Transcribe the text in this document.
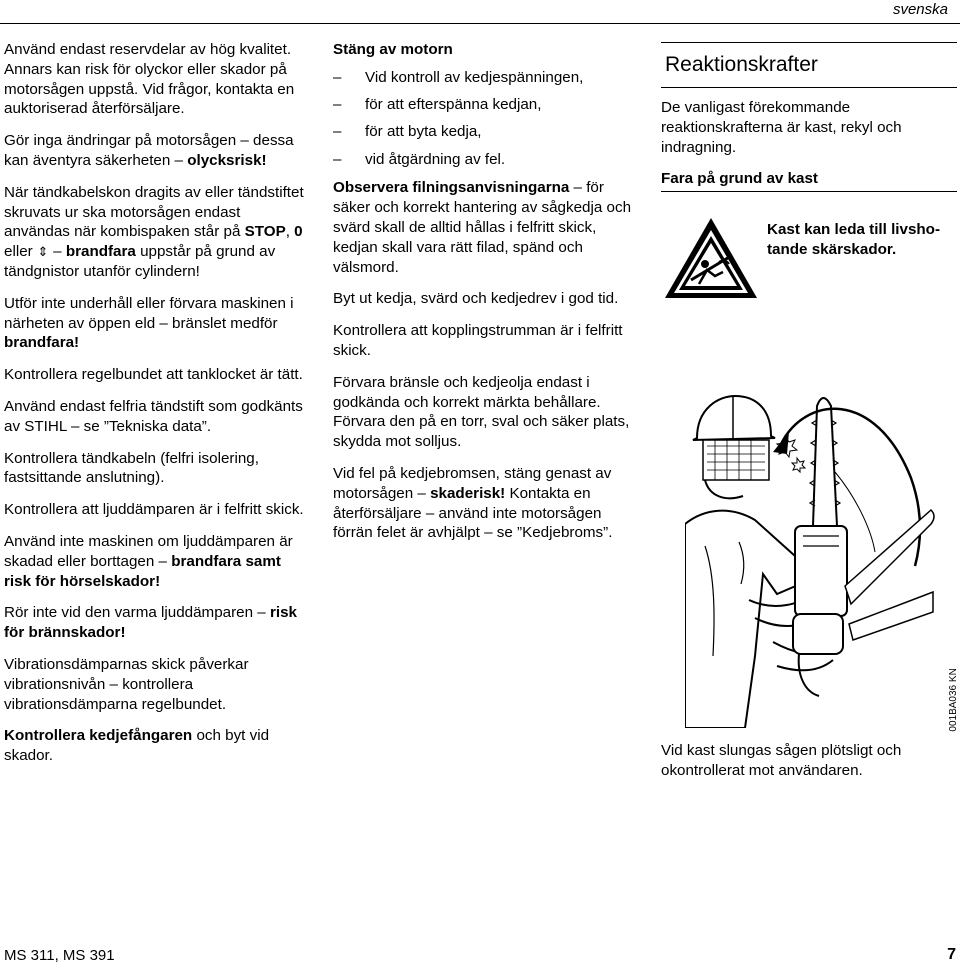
svenska

Använd endast reservdelar av hög kvalitet. Annars kan risk för olyckor eller skador på motorsågen uppstå. Vid frågor, kontakta en auktoriserad återförsäljare.

Gör inga ändringar på motorsågen – dessa kan äventyra säkerheten – olycksrisk!

När tändkabelskon dragits av eller tändstiftet skruvats ur ska motorsågen endast användas när kombispaken står på STOP, 0 eller ⇕ – brandfara uppstår på grund av tändgnistor utanför cylindern!

Utför inte underhåll eller förvara maskinen i närheten av öppen eld – bränslet medför brandfara!

Kontrollera regelbundet att tanklocket är tätt.

Använd endast felfria tändstift som godkänts av STIHL – se ”Tekniska data”.

Kontrollera tändkabeln (felfri isolering, fastsittande anslutning).

Kontrollera att ljuddämparen är i felfritt skick.

Använd inte maskinen om ljuddämparen är skadad eller borttagen – brandfara samt risk för hörselskador!

Rör inte vid den varma ljuddämparen – risk för brännskador!

Vibrationsdämparnas skick påverkar vibrationsnivån – kontrollera vibrationsdämparna regelbundet.

Kontrollera kedjefångaren och byt vid skador.

Stäng av motorn

–	Vid kontroll av kedjespänningen,
–	för att efterspänna kedjan,
–	för att byta kedja,
–	vid åtgärdning av fel.

Observera filningsanvisningarna – för säker och korrekt hantering av sågkedja och svärd skall de alltid hållas i felfritt skick, kedjan skall vara rätt filad, spänd och välsmord.

Byt ut kedja, svärd och kedjedrev i god tid.

Kontrollera att kopplingstrumman är i felfritt skick.

Förvara bränsle och kedjeolja endast i godkända och korrekt märkta behållare. Förvara den på en torr, sval och säker plats, skydda mot solljus.

Vid fel på kedjebromsen, stäng genast av motorsågen – skaderisk! Kontakta en återförsäljare – använd inte motorsågen förrän felet är avhjälpt – se ”Kedjebroms”.

Reaktionskrafter

De vanligast förekommande reaktionskrafterna är kast, rekyl och indragning.

Fara på grund av kast
Kast kan leda till livsho-tande skärskador.
001BA036 KN
Vid kast slungas sågen plötsligt och okontrollerat mot användaren.
MS 311, MS 391	7
